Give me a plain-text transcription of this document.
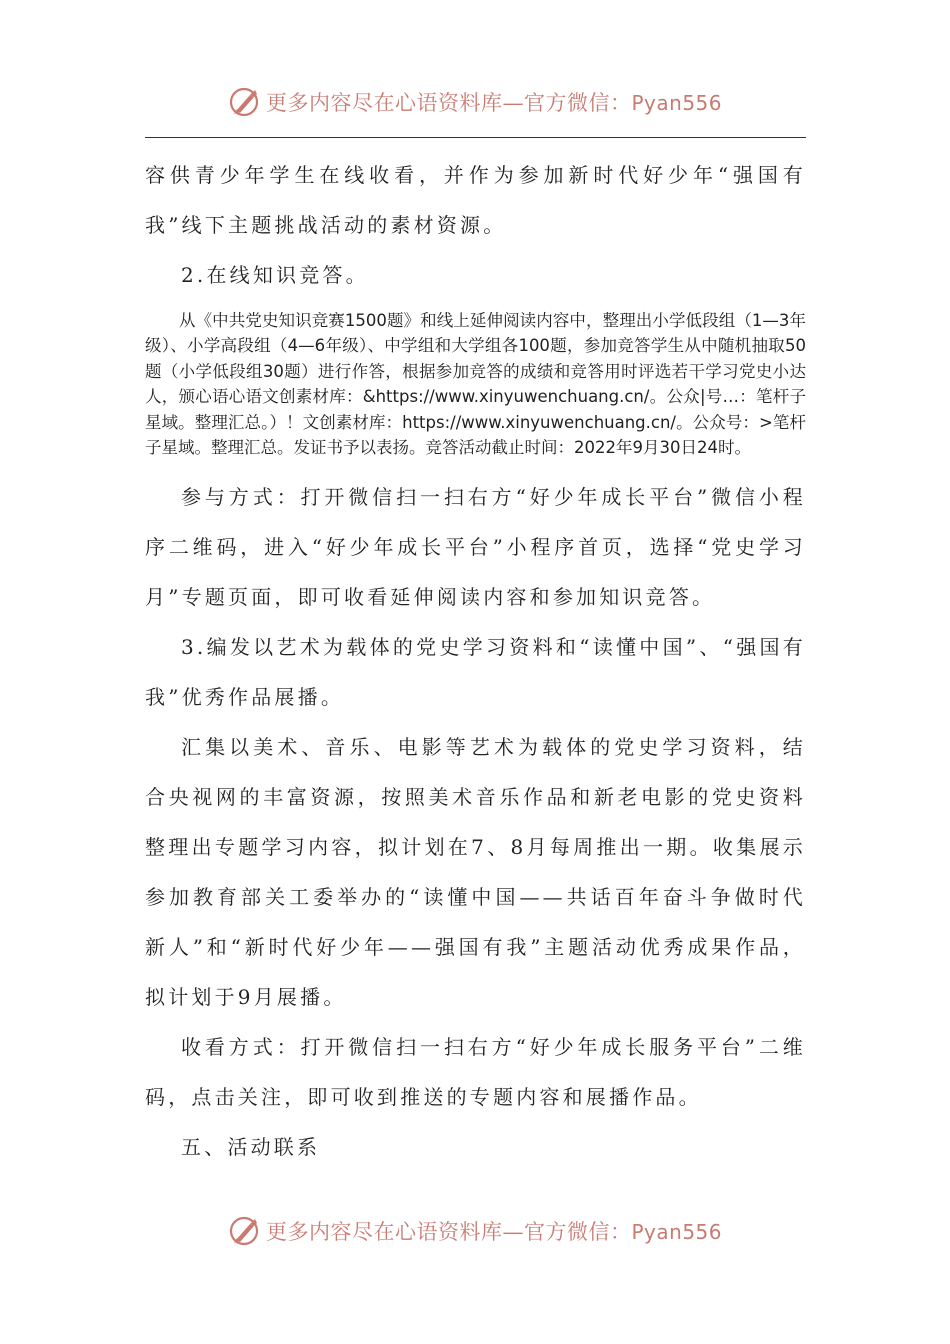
更多内容尽在心语资料库—官方微信：Pyan556

容供青少年学生在线收看，并作为参加新时代好少年“强国有我”线下主题挑战活动的素材资源。

2.在线知识竞答。

从《中共党史知识竞赛1500题》和线上延伸阅读内容中，整理出小学低段组（1—3年级）、小学高段组（4—6年级）、中学组和大学组各100题，参加竞答学生从中随机抽取50题（小学低段组30题）进行作答，根据参加竞答的成绩和竞答用时评选若干学习党史小达人，颁心语心语文创素材库：&https://www.xinyuwenchuang.cn/。公众|号…：笔杆子星域。整理汇总。）！文创素材库：https://www.xinyuwenchuang.cn/。公众号：>笔杆子星域。整理汇总。发证书予以表扬。竞答活动截止时间：2022年9月30日24时。

参与方式：打开微信扫一扫右方“好少年成长平台”微信小程序二维码，进入“好少年成长平台”小程序首页，选择“党史学习月”专题页面，即可收看延伸阅读内容和参加知识竞答。

3.编发以艺术为载体的党史学习资料和“读懂中国”、“强国有我”优秀作品展播。

汇集以美术、音乐、电影等艺术为载体的党史学习资料，结合央视网的丰富资源，按照美术音乐作品和新老电影的党史资料整理出专题学习内容，拟计划在7、8月每周推出一期。收集展示参加教育部关工委举办的“读懂中国——共话百年奋斗争做时代新人”和“新时代好少年——强国有我”主题活动优秀成果作品，拟计划于9月展播。

收看方式：打开微信扫一扫右方“好少年成长服务平台”二维码，点击关注，即可收到推送的专题内容和展播作品。

五、活动联系

更多内容尽在心语资料库—官方微信：Pyan556
